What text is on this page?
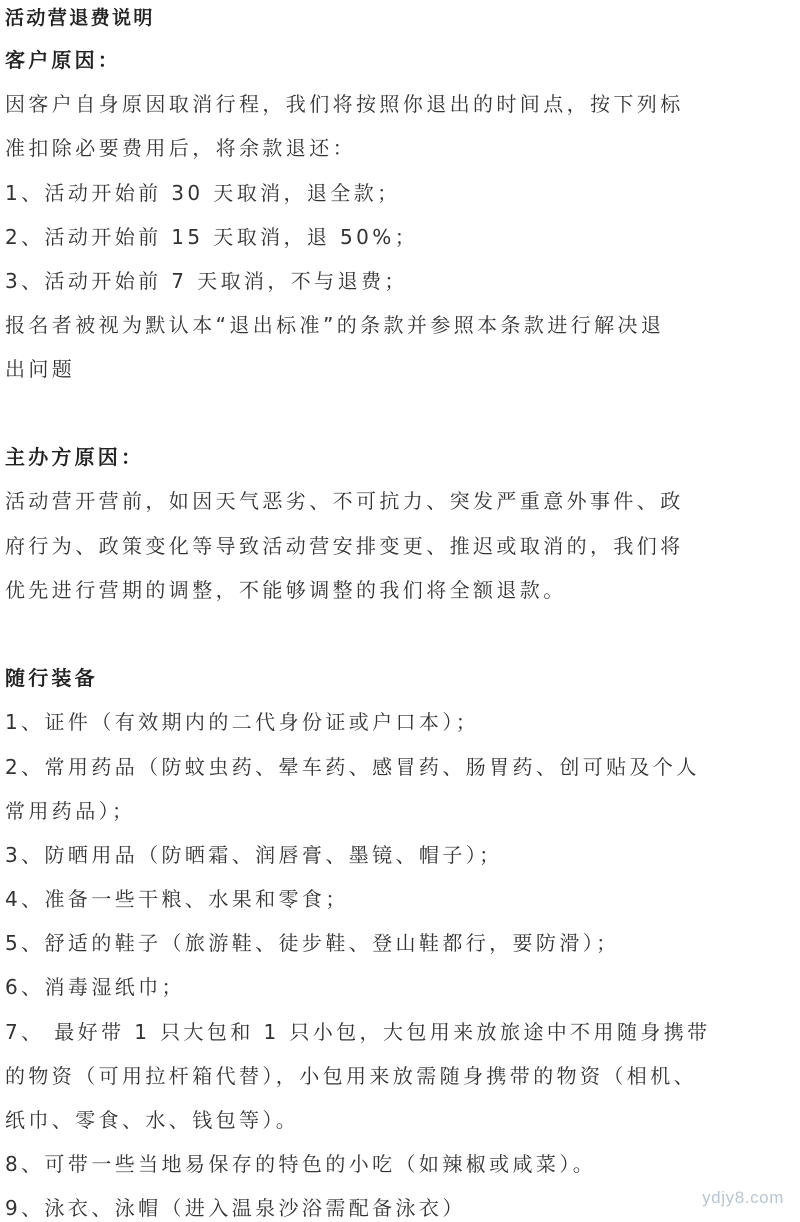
活动营退费说明
客户原因：
因客户自身原因取消行程，我们将按照你退出的时间点，按下列标
准扣除必要费用后，将余款退还：
1、活动开始前 30 天取消，退全款；
2、活动开始前 15 天取消，退 50%；
3、活动开始前 7 天取消，不与退费；
报名者被视为默认本“退出标准”的条款并参照本条款进行解决退
出问题
主办方原因：
活动营开营前，如因天气恶劣、不可抗力、突发严重意外事件、政
府行为、政策变化等导致活动营安排变更、推迟或取消的，我们将
优先进行营期的调整，不能够调整的我们将全额退款。
随行装备
1、证件（有效期内的二代身份证或户口本）；
2、常用药品（防蚊虫药、晕车药、感冒药、肠胃药、创可贴及个人
常用药品）；
3、防晒用品（防晒霜、润唇膏、墨镜、帽子）；
4、准备一些干粮、水果和零食；
5、舒适的鞋子（旅游鞋、徒步鞋、登山鞋都行，要防滑）；
6、消毒湿纸巾；
7、 最好带 1 只大包和 1 只小包，大包用来放旅途中不用随身携带
的物资（可用拉杆箱代替），小包用来放需随身携带的物资（相机、
纸巾、零食、水、钱包等）。
8、可带一些当地易保存的特色的小吃（如辣椒或咸菜）。
9、泳衣、泳帽（进入温泉沙浴需配备泳衣）	ydjy8.com
